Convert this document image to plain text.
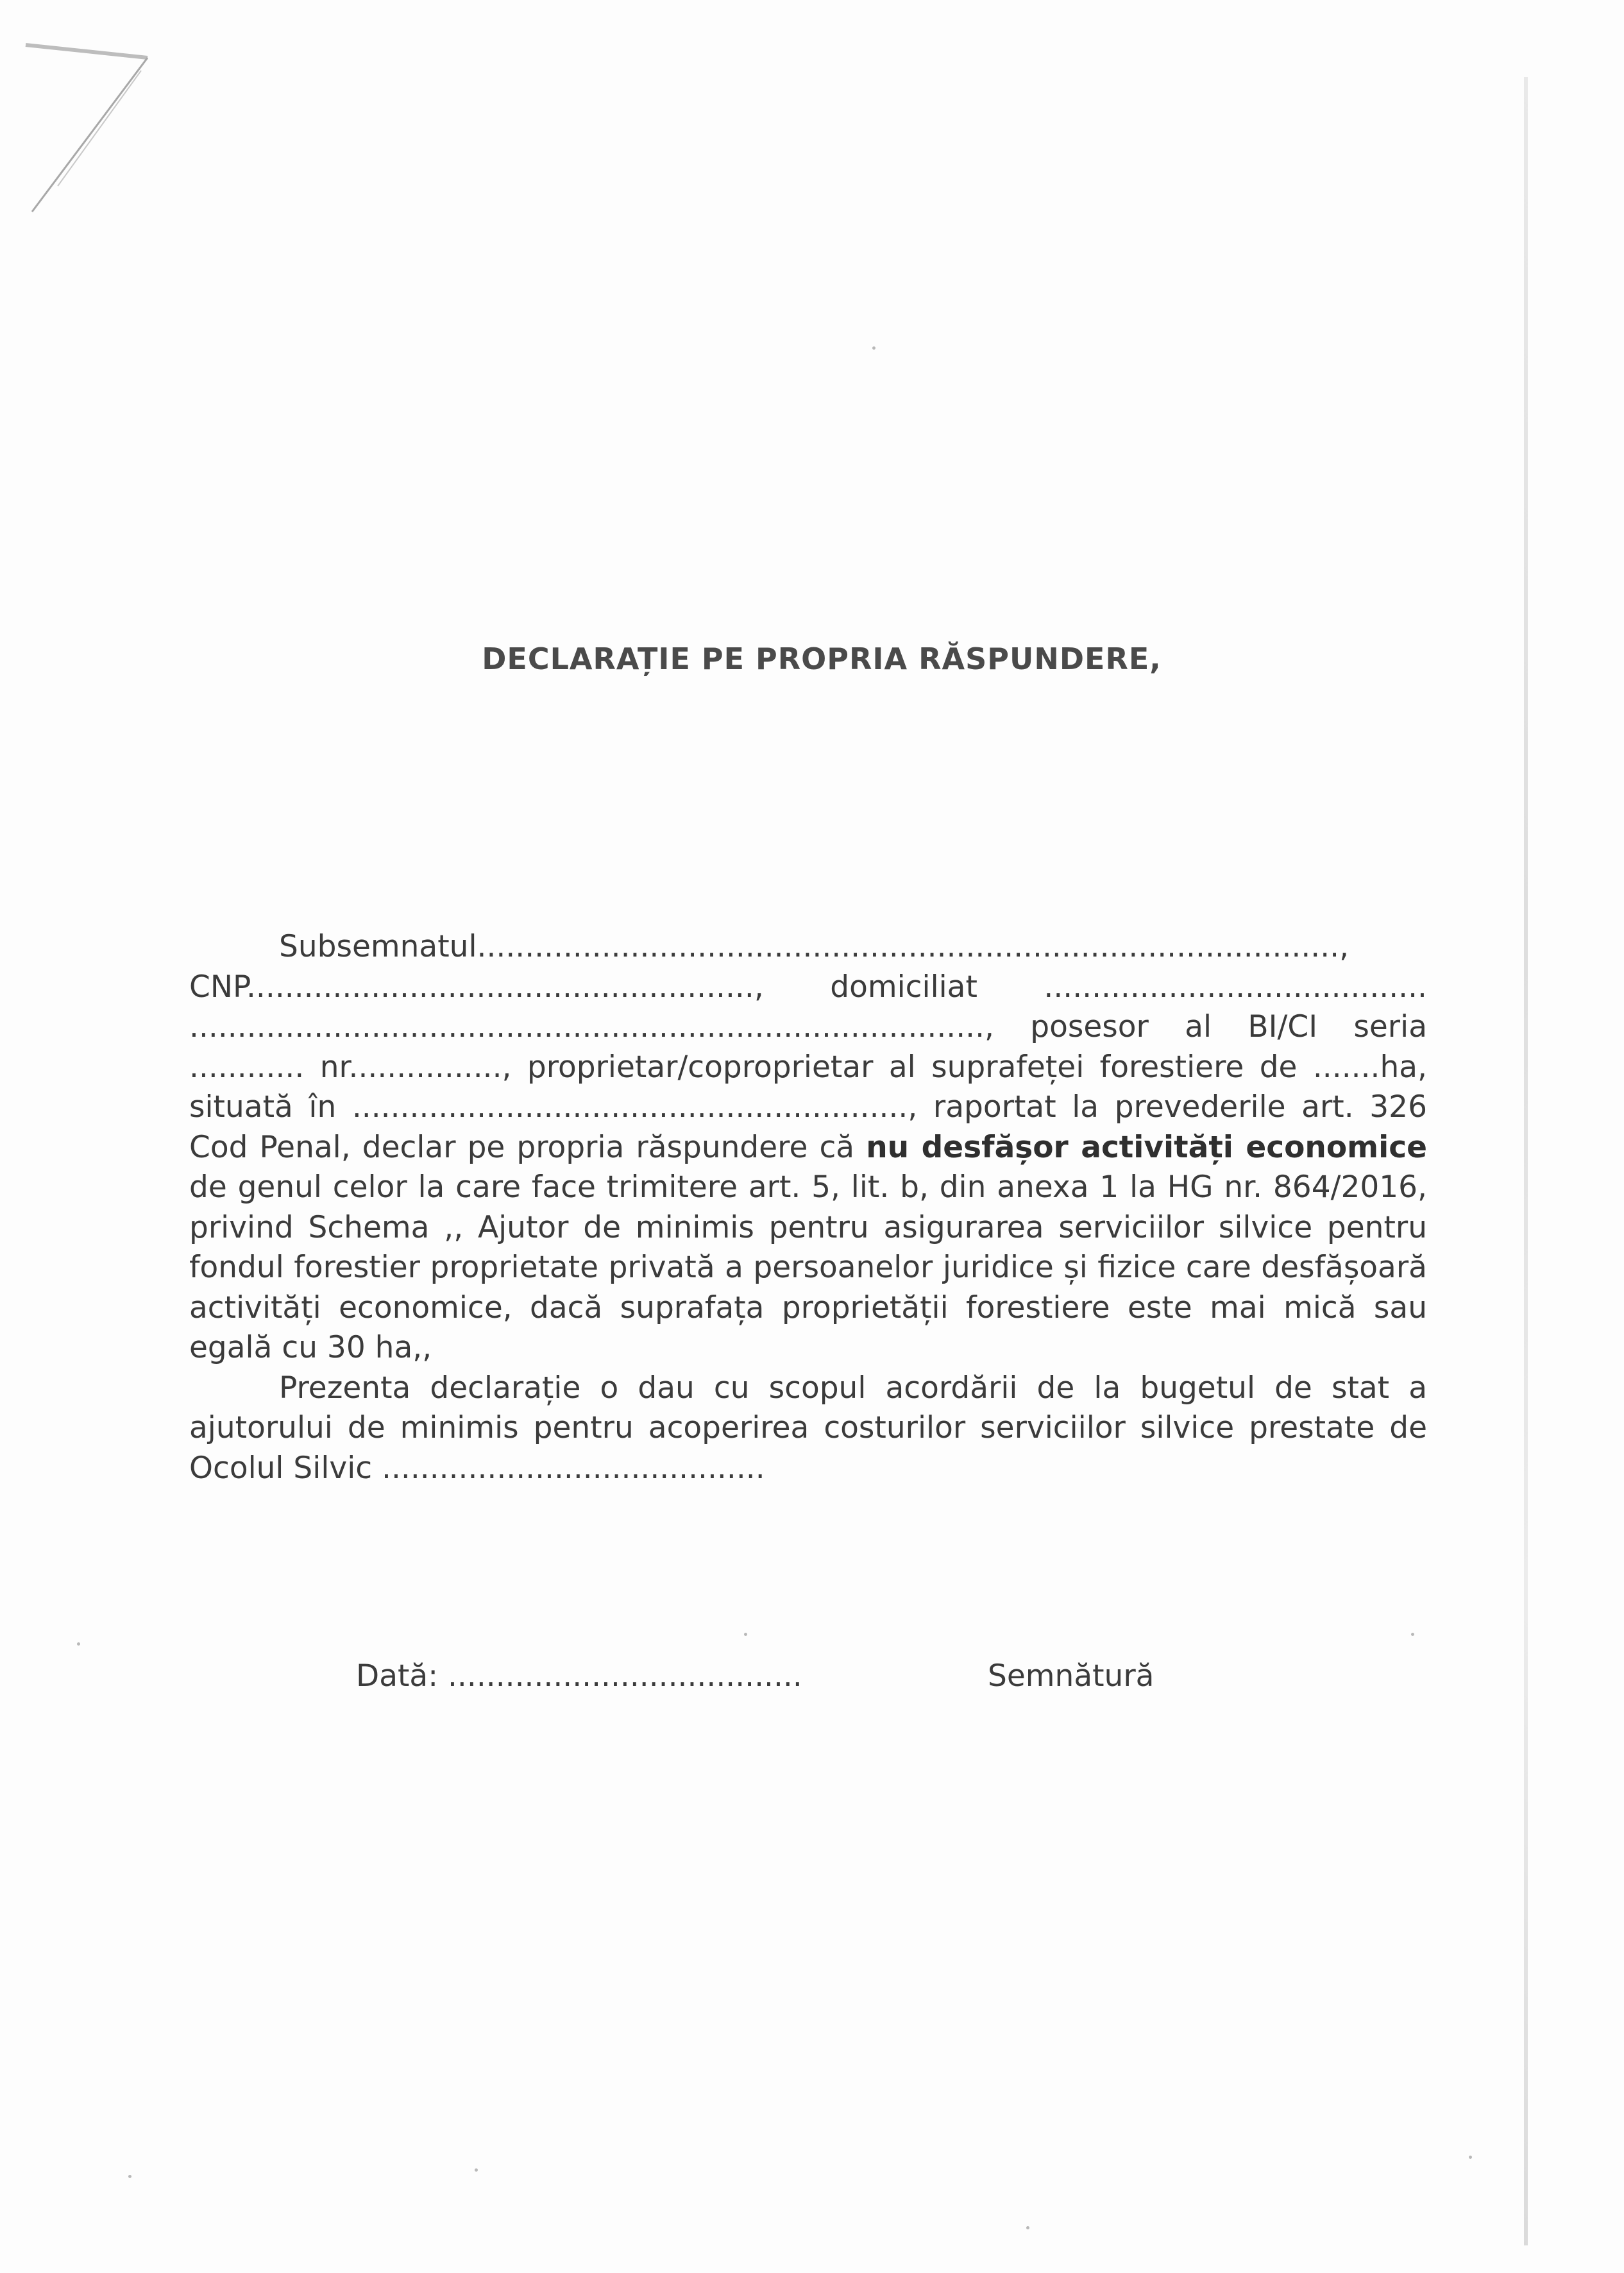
DECLARAȚIE PE PROPRIA RĂSPUNDERE,

Subsemnatul.........................................................................................., CNP....................................................., domiciliat ........................................ ..................................................................................., posesor al BI/CI seria ............ nr................, proprietar/coproprietar al suprafeței forestiere de .......ha, situată în .........................................................., raportat la prevederile art. 326 Cod Penal, declar pe propria răspundere că nu desfășor activități economice de genul celor la care face trimitere art. 5, lit. b, din anexa 1 la HG nr. 864/2016, privind Schema ,, Ajutor de minimis pentru asigurarea serviciilor silvice pentru fondul forestier proprietate privată a persoanelor juridice și fizice care desfășoară activități economice, dacă suprafața proprietății forestiere este mai mică sau egală cu 30 ha,,

Prezenta declarație o dau cu scopul acordării de la bugetul de stat a ajutorului de minimis pentru acoperirea costurilor serviciilor silvice prestate de Ocolul Silvic ........................................

Dată: .....................................	Semnătură
